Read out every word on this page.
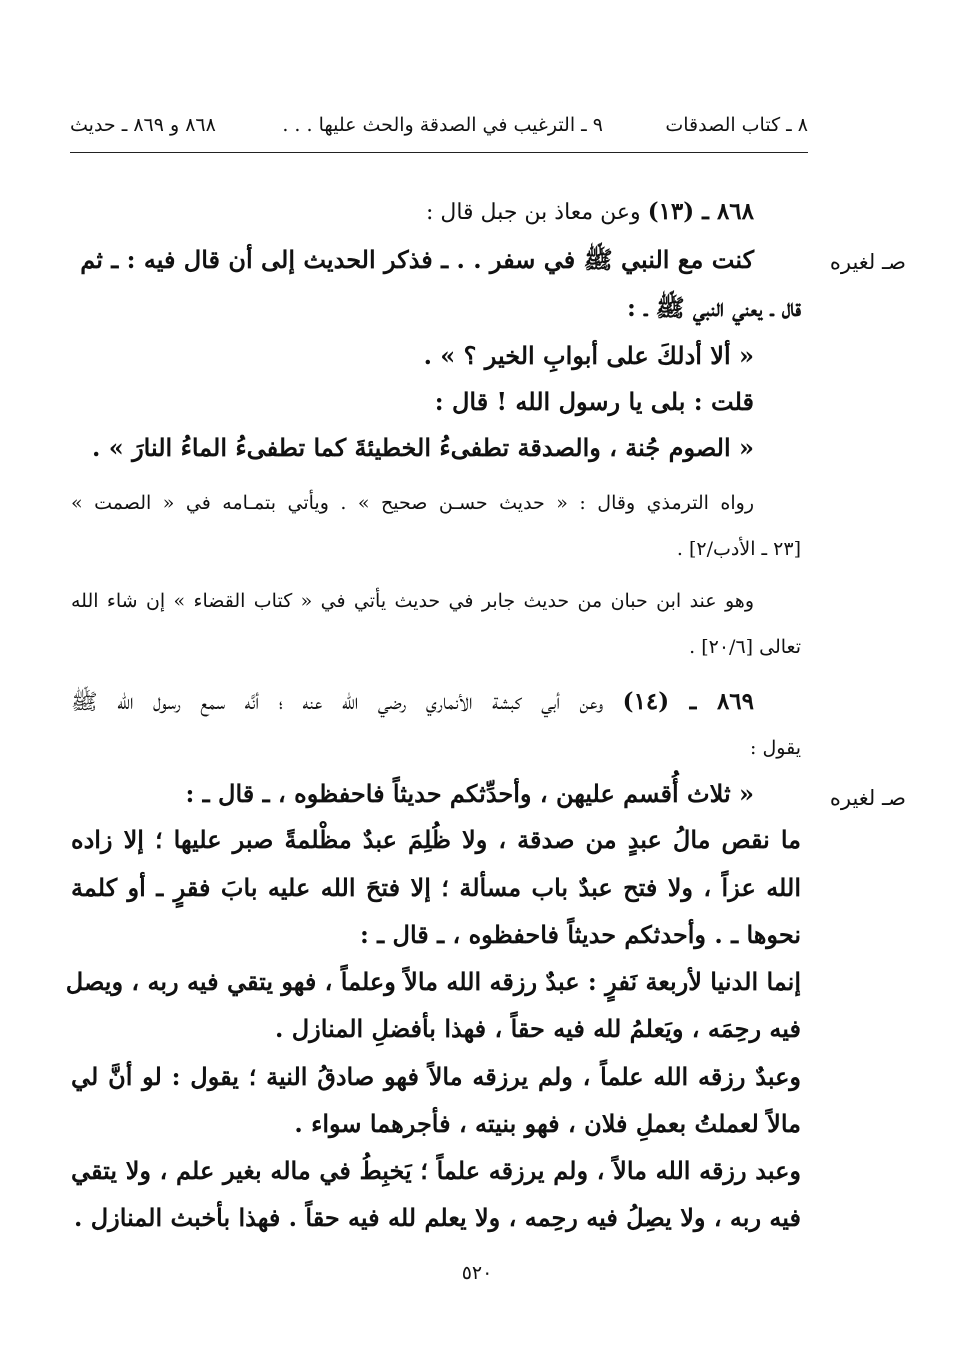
٨ ـ كتاب الصدقات
٩ ـ الترغيب في الصدقة والحث عليها . . .
٨٦٨ و ٨٦٩ ـ حديث
٨٦٨ ـ (١٣) وعن معاذ بن جبل قال :
صـ لغيره
كنت مع النبي ﷺ في سفر . . ـ فذكر الحديث إلى أن قال فيه : ـ ثم
قال ـ يعني النبي ﷺ ـ :
« ألا أدلكَ على أبوابِ الخير ؟ » .
قلت : بلى يا رسول الله ! قال :
« الصوم جُنة ، والصدقة تطفىءُ الخطيئةَ كما تطفىءُ الماءُ النارَ » .
رواه الترمذي وقال : « حديث حسـن صحيح » . ويأتي بتمـامه في « الصمت »
[٢٣ ـ الأدب/٢] .
وهو عند ابن حبان من حديث جابر في حديث يأتي في « كتاب القضاء » إن شاء الله
تعالى [٢٠/٦] .
٨٦٩ ـ (١٤) وعن أبي كبشة الأنماري رضي الله عنه ؛ أنَّه سمع رسول الله ﷺ
يقول :
صـ لغيره
« ثلاث أُقسم عليهن ، وأحدِّثكم حديثاً فاحفظوه ، ـ قال ـ :
ما نقص مالُ عبدٍ من صدقة ، ولا ظُلِمَ عبدٌ مظْلمةً صبر عليها ؛ إلا زاده
الله عزاً ، ولا فتح عبدٌ باب مسألة ؛ إلا فتحَ الله عليه بابَ فقرٍ ـ أو كلمة
نحوها ـ . وأحدثكم حديثاً فاحفظوه ، ـ قال ـ :
إنما الدنيا لأربعة نَفرٍ : عبدٌ رزقه الله مالاً وعلماً ، فهو يتقي فيه ربه ، ويصل
فيه رحِمَه ، ويَعلمُ لله فيه حقاً ، فهذا بأفضلِ المنازل .
وعبدٌ رزقه الله علماً ، ولم يرزقه مالاً فهو صادقُ النية ؛ يقول : لو أنَّ لي
مالاً لعملتُ بعملِ فلان ، فهو بنيته ، فأجرهما سواء .
وعبد رزقه الله مالاً ، ولم يرزقه علماً ؛ يَخبِطُ في ماله بغير علم ، ولا يتقي
فيه ربه ، ولا يصِلُ فيه رحِمه ، ولا يعلم لله فيه حقاً . فهذا بأخبث المنازل .
٥٢٠
